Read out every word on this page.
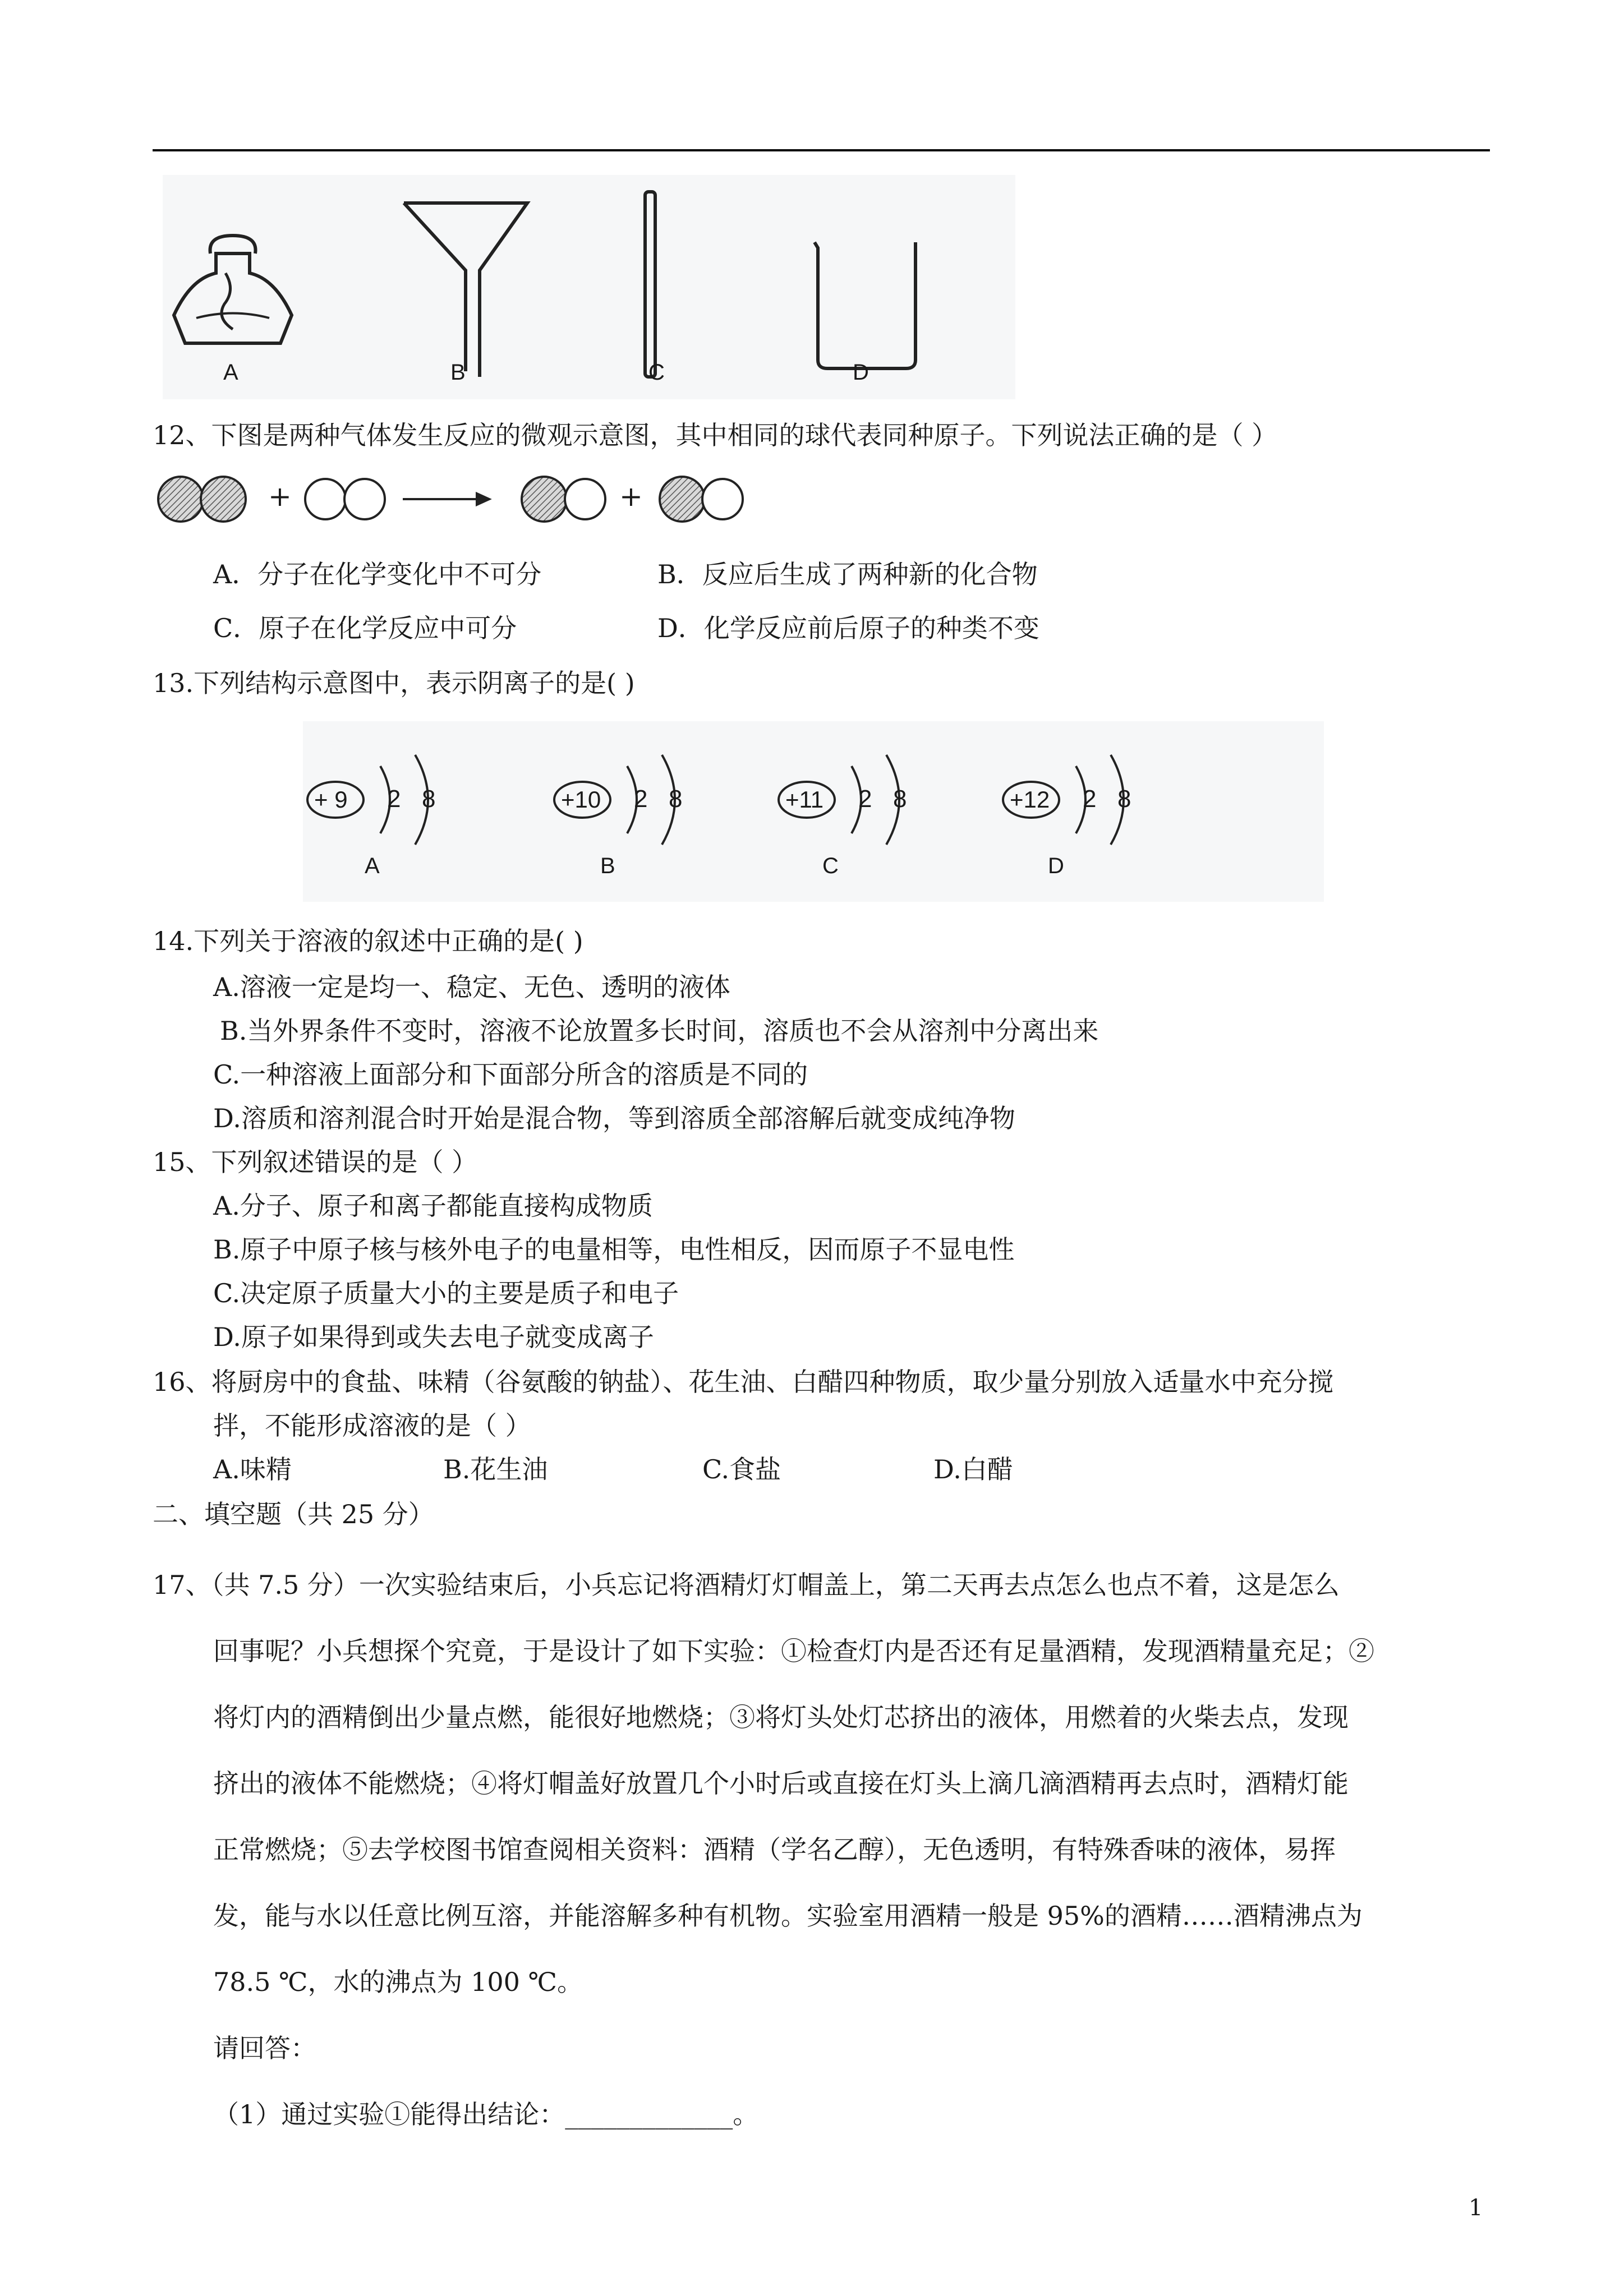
A	B	C	D
12、下图是两种气体发生反应的微观示意图，其中相同的球代表同种原子。下列说法正确的是（ ）
+	+
A．分子在化学变化中不可分	B．反应后生成了两种新的化合物
C．原子在化学反应中可分	D．化学反应前后原子的种类不变
13.下列结构示意图中，表示阴离子的是( )
+ 9 2 8
A
+10 2 8
B
+11 2 8
C
+12 2 8
D
14.下列关于溶液的叙述中正确的是( )
A.溶液一定是均一、稳定、无色、透明的液体
B.当外界条件不变时，溶液不论放置多长时间，溶质也不会从溶剂中分离出来
C.一种溶液上面部分和下面部分所含的溶质是不同的
D.溶质和溶剂混合时开始是混合物，等到溶质全部溶解后就变成纯净物
15、下列叙述错误的是（ ）
A.分子、原子和离子都能直接构成物质
B.原子中原子核与核外电子的电量相等，电性相反，因而原子不显电性
C.决定原子质量大小的主要是质子和电子
D.原子如果得到或失去电子就变成离子
16、将厨房中的食盐、味精（谷氨酸的钠盐）、花生油、白醋四种物质，取少量分别放入适量水中充分搅
拌，不能形成溶液的是（ ）
A.味精	B.花生油	C.食盐	D.白醋
二、填空题（共 25 分）
17、（共 7.5 分）一次实验结束后，小兵忘记将酒精灯灯帽盖上，第二天再去点怎么也点不着，这是怎么
回事呢？小兵想探个究竟，于是设计了如下实验：①检查灯内是否还有足量酒精，发现酒精量充足；②
将灯内的酒精倒出少量点燃，能很好地燃烧；③将灯头处灯芯挤出的液体，用燃着的火柴去点，发现
挤出的液体不能燃烧；④将灯帽盖好放置几个小时后或直接在灯头上滴几滴酒精再去点时，酒精灯能
正常燃烧；⑤去学校图书馆查阅相关资料：酒精（学名乙醇），无色透明，有特殊香味的液体，易挥
发，能与水以任意比例互溶，并能溶解多种有机物。实验室用酒精一般是 95%的酒精……酒精沸点为
78.5 ℃，水的沸点为 100 ℃。
请回答：
（1）通过实验①能得出结论：_____________。
1
